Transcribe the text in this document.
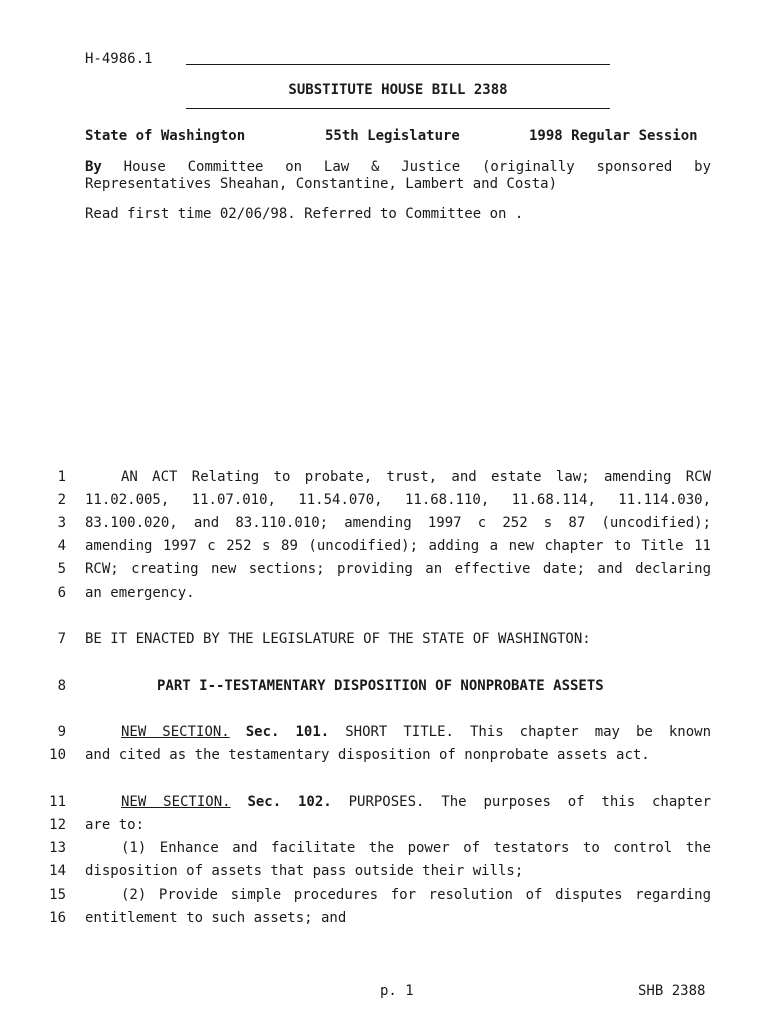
H-4986.1
SUBSTITUTE HOUSE BILL 2388
State of Washington	55th Legislature	1998 Regular Session
By House Committee on Law & Justice (originally sponsored by
Representatives Sheahan, Constantine, Lambert and Costa)
Read first time 02/06/98. Referred to Committee on .
1	AN ACT Relating to probate, trust, and estate law; amending RCW
2 11.02.005, 11.07.010, 11.54.070, 11.68.110, 11.68.114, 11.114.030,
3 83.100.020, and 83.110.010; amending 1997 c 252 s 87 (uncodified);
4 amending 1997 c 252 s 89 (uncodified); adding a new chapter to Title 11
5 RCW; creating new sections; providing an effective date; and declaring
6 an emergency.
7 BE IT ENACTED BY THE LEGISLATURE OF THE STATE OF WASHINGTON:
8	PART I--TESTAMENTARY DISPOSITION OF NONPROBATE ASSETS
9	NEW SECTION. Sec. 101. SHORT TITLE. This chapter may be known
10 and cited as the testamentary disposition of nonprobate assets act.
11	NEW SECTION. Sec. 102. PURPOSES. The purposes of this chapter
12 are to:
13	(1) Enhance and facilitate the power of testators to control the
14 disposition of assets that pass outside their wills;
15	(2) Provide simple procedures for resolution of disputes regarding
16 entitlement to such assets; and
p. 1	SHB 2388
